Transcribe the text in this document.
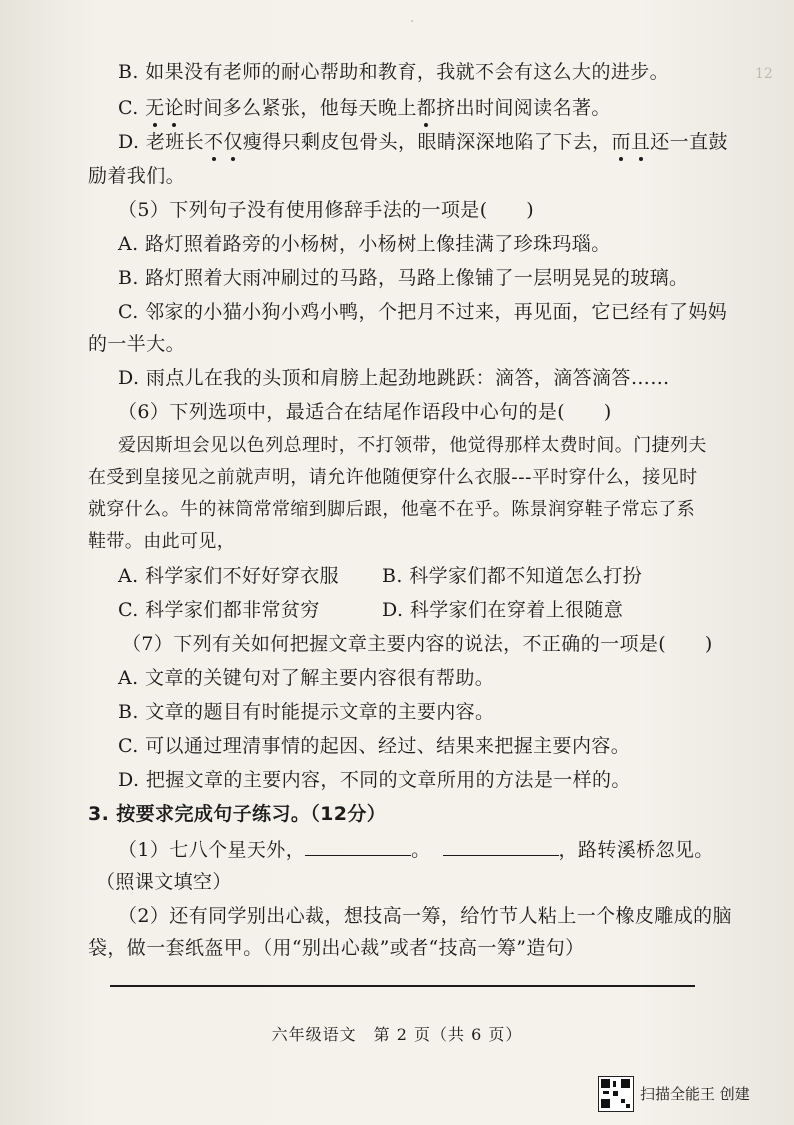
12
·
B. 如果没有老师的耐心帮助和教育，我就不会有这么大的进步。
C. 无论时间多么紧张，他每天晚上都挤出时间阅读名著。
D. 老班长不仅瘦得只剩皮包骨头，眼睛深深地陷了下去，而且还一直鼓
励着我们。
（5）下列句子没有使用修辞手法的一项是(　　)
A. 路灯照着路旁的小杨树，小杨树上像挂满了珍珠玛瑙。
B. 路灯照着大雨冲刷过的马路，马路上像铺了一层明晃晃的玻璃。
C. 邻家的小猫小狗小鸡小鸭，个把月不过来，再见面，它已经有了妈妈
的一半大。
D. 雨点儿在我的头顶和肩膀上起劲地跳跃：滴答，滴答滴答……
（6）下列选项中，最适合在结尾作语段中心句的是(　　)
爱因斯坦会见以色列总理时，不打领带，他觉得那样太费时间。门捷列夫
在受到皇接见之前就声明，请允许他随便穿什么衣服---平时穿什么，接见时
就穿什么。牛的袜筒常常缩到脚后跟，他毫不在乎。陈景润穿鞋子常忘了系
鞋带。由此可见，
A. 科学家们不好好穿衣服 B. 科学家们都不知道怎么打扮
C. 科学家们都非常贫穷	D. 科学家们在穿着上很随意
（7）下列有关如何把握文章主要内容的说法，不正确的一项是(　　)
A. 文章的关键句对了解主要内容很有帮助。
B. 文章的题目有时能提示文章的主要内容。
C. 可以通过理清事情的起因、经过、结果来把握主要内容。
D. 把握文章的主要内容，不同的文章所用的方法是一样的。
3. 按要求完成句子练习。（12分）
（1）七八个星天外，	。	，路转溪桥忽见。
（照课文填空）
（2）还有同学别出心裁，想技高一筹，给竹节人粘上一个橡皮雕成的脑
袋，做一套纸盔甲。（用“别出心裁”或者“技高一筹”造句）
六年级语文　第 2 页（共 6 页）
扫描全能王 创建
